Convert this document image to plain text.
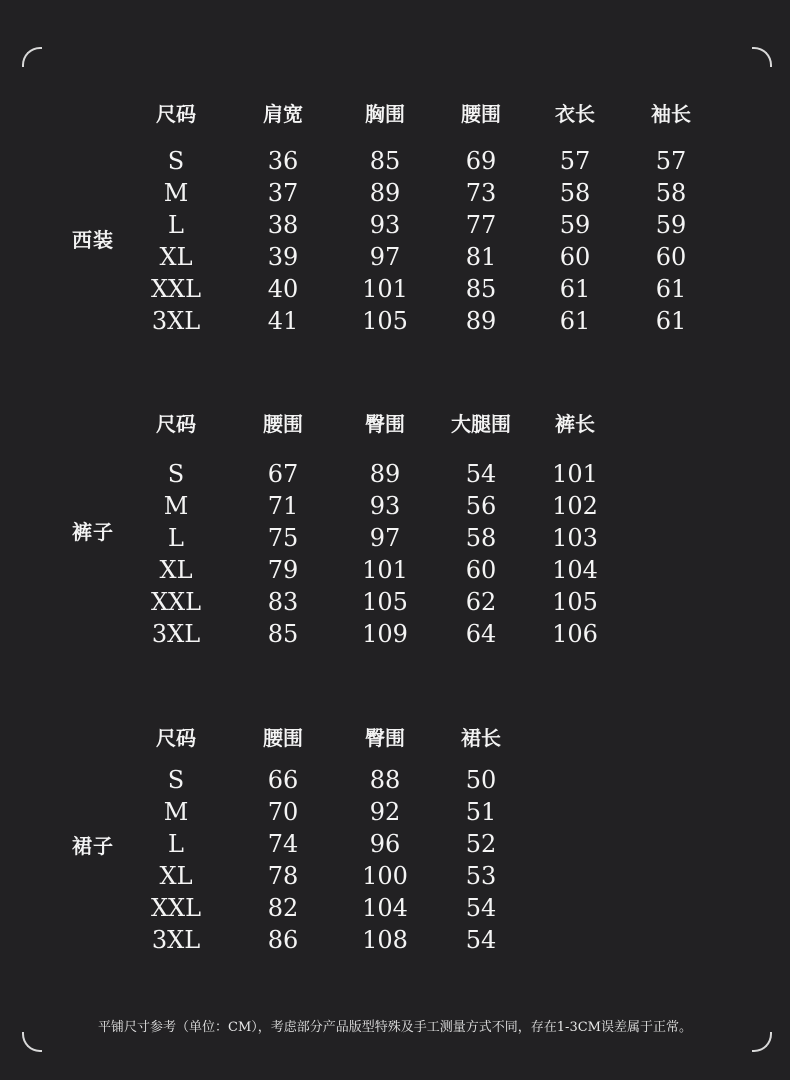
西装
尺码	肩宽	胸围	腰围	衣长	袖长
S	36	85	69	57	57
M	37	89	73	58	58
L	38	93	77	59	59
XL	39	97	81	60	60
XXL	40	101	85	61	61
3XL	41	105	89	61	61
裤子
尺码	腰围	臀围	大腿围	裤长
S	67	89	54	101
M	71	93	56	102
L	75	97	58	103
XL	79	101	60	104
XXL	83	105	62	105
3XL	85	109	64	106
裙子
尺码	腰围	臀围	裙长
S	66	88	50
M	70	92	51
L	74	96	52
XL	78	100	53
XXL	82	104	54
3XL	86	108	54
平铺尺寸参考（单位：CM），考虑部分产品版型特殊及手工测量方式不同，存在1-3CM误差属于正常。
